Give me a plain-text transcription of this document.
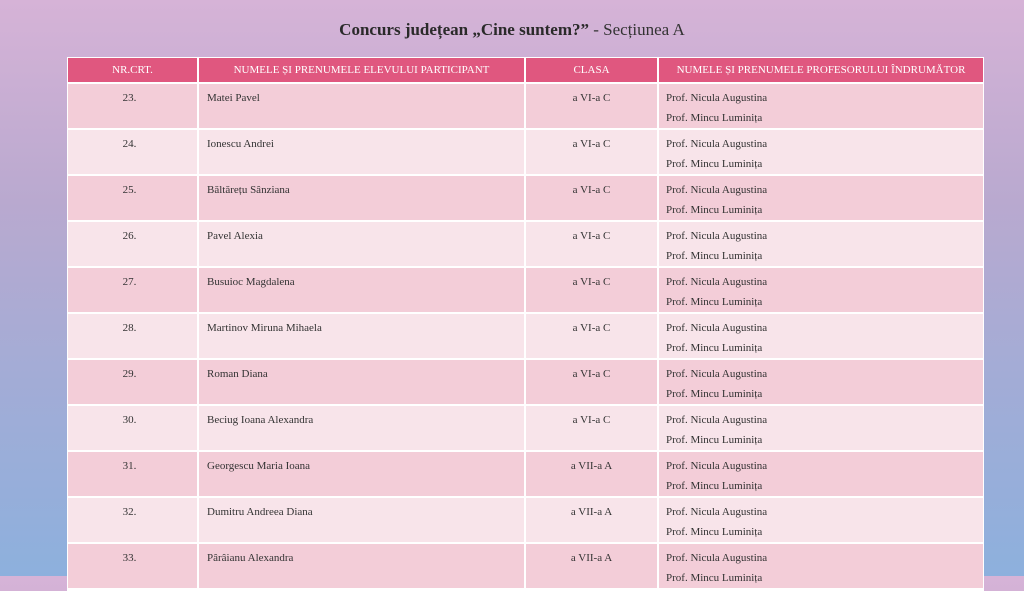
Concurs județean „Cine suntem?” - Secțiunea A
NR.CRT.	NUMELE ȘI PRENUMELE ELEVULUI PARTICIPANT	CLASA	NUMELE ȘI PRENUMELE PROFESORULUI ÎNDRUMĂTOR

23.	Matei Pavel	a VI-a C	Prof. Nicula Augustina
Prof. Mincu Luminița

24.	Ionescu Andrei	a VI-a C	Prof. Nicula Augustina
Prof. Mincu Luminița

25.	Băltărețu Sânziana	a VI-a C	Prof. Nicula Augustina
Prof. Mincu Luminița

26.	Pavel Alexia	a VI-a C	Prof. Nicula Augustina
Prof. Mincu Luminița

27.	Busuioc Magdalena	a VI-a C	Prof. Nicula Augustina
Prof. Mincu Luminița

28.	Martinov Miruna Mihaela	a VI-a C	Prof. Nicula Augustina
Prof. Mincu Luminița

29.	Roman Diana	a VI-a C	Prof. Nicula Augustina
Prof. Mincu Luminița

30.	Beciug Ioana Alexandra	a VI-a C	Prof. Nicula Augustina
Prof. Mincu Luminița

31.	Georgescu Maria Ioana	a VII-a A	Prof. Nicula Augustina
Prof. Mincu Luminița

32.	Dumitru Andreea Diana	a VII-a A	Prof. Nicula Augustina
Prof. Mincu Luminița

33.	Pârâianu Alexandra	a VII-a A	Prof. Nicula Augustina
Prof. Mincu Luminița
